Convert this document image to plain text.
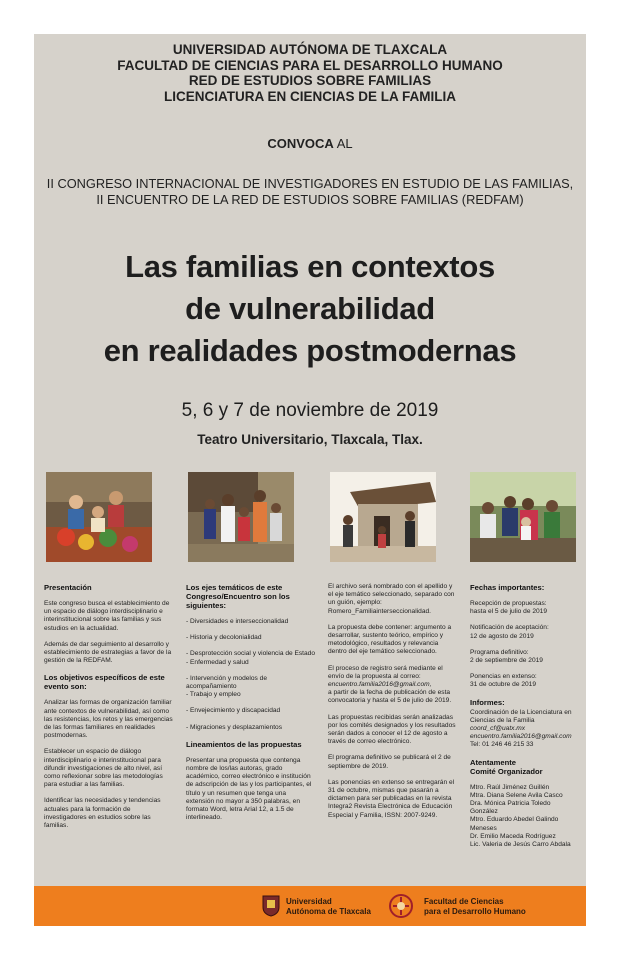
UNIVERSIDAD AUTÓNOMA DE TLAXCALA
FACULTAD DE CIENCIAS PARA EL DESARROLLO HUMANO
RED DE ESTUDIOS SOBRE FAMILIAS
LICENCIATURA EN CIENCIAS DE LA FAMILIA
CONVOCA AL
II CONGRESO INTERNACIONAL DE INVESTIGADORES EN ESTUDIO DE LAS FAMILIAS,
II ENCUENTRO DE LA RED DE ESTUDIOS SOBRE FAMILIAS (REDFAM)
Las familias en contextos
de vulnerabilidad
en realidades postmodernas
5, 6 y 7 de noviembre de 2019
Teatro Universitario, Tlaxcala, Tlax.
Presentación

Este congreso busca el establecimiento de un espacio de diálogo interdisciplinario e interinstitucional sobre las familias y sus estudios en la actualidad.

Además de dar seguimiento al desarrollo y establecimiento de estrategias a favor de la gestión de la REDFAM.

Los objetivos específicos de este evento son:

Analizar las formas de organización familiar ante contextos de vulnerabilidad, así como las resistencias, los retos y las emergencias de las formas familiares en realidades postmodernas.

Establecer un espacio de diálogo interdisciplinario e interinstitucional para difundir investigaciones de alto nivel, así como reflexionar sobre las metodologías para estudiar a las familias.

Identificar las necesidades y tendencias actuales para la formación de investigadores en estudios sobre las familias.

Los ejes temáticos de este Congreso/Encuentro son los siguientes:

- Diversidades e interseccionalidad

- Historia y decolonialidad

- Desprotección social y violencia de Estado

- Enfermedad y salud

- Intervención y modelos de acompañamiento

- Trabajo y empleo

- Envejecimiento y discapacidad

- Migraciones y desplazamientos

Lineamientos de las propuestas

Presentar una propuesta que contenga nombre de los/las autoras, grado académico, correo electrónico e institución de adscripción de las y los participantes, el título y un resumen que tenga una extensión no mayor a 350 palabras, en formato Word, letra Arial 12, a 1.5 de interlineado.

El archivo será nombrado con el apellido y el eje temático seleccionado, separado con un guión, ejemplo: Romero_Familiainterseccionalidad.

La propuesta debe contener: argumento a desarrollar, sustento teórico, empírico y metodológico, resultados y relevancia dentro del eje temático seleccionado.

El proceso de registro será mediante el envío de la propuesta al correo:
encuentro.familia2016@gmail.com,
a partir de la fecha de publicación de esta convocatoria y hasta el 5 de julio de 2019.

Las propuestas recibidas serán analizadas por los comités designados y los resultados serán dados a conocer el 12 de agosto a través de correo electrónico.

El programa definitivo se publicará el 2 de septiembre de 2019.

Las ponencias en extenso se entregarán el 31 de octubre, mismas que pasarán a dictamen para ser publicadas en la revista Integra2 Revista Electrónica de Educación Especial y Familia, ISSN: 2007-9249.

Fechas importantes:

Recepción de propuestas:
hasta el 5 de julio de 2019

Notificación de aceptación:
12 de agosto de 2019

Programa definitivo:
2 de septiembre de 2019

Ponencias en extenso:
31 de octubre de 2019

Informes:

Coordinación de la Licenciatura en Ciencias de la Familia
coord_cf@uatx.mx
encuentro.familia2016@gmail.com
Tel: 01 246 46 215 33

Atentamente
Comité Organizador

Mtro. Raúl Jiménez Guillén
Mtra. Diana Selene Avila Casco
Dra. Mónica Patricia Toledo González
Mtro. Eduardo Abedel Galindo Meneses
Dr. Emilio Maceda Rodríguez
Lic. Valeria de Jesús Carro Abdala

Universidad
Autónoma de Tlaxcala
Facultad de Ciencias
para el Desarrollo Humano
